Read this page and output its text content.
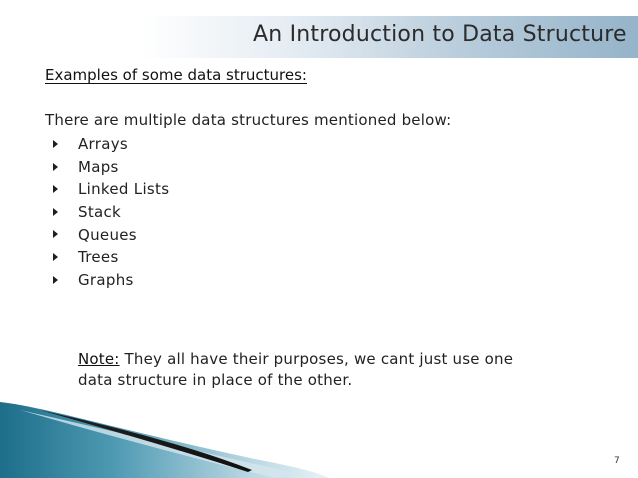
An Introduction to Data Structure
Examples of some data structures:
There are multiple data structures mentioned below:
Arrays
Maps
Linked Lists
Stack
Queues
Trees
Graphs
Note: They all have their purposes, we cant just use one
data structure in place of the other.
7
